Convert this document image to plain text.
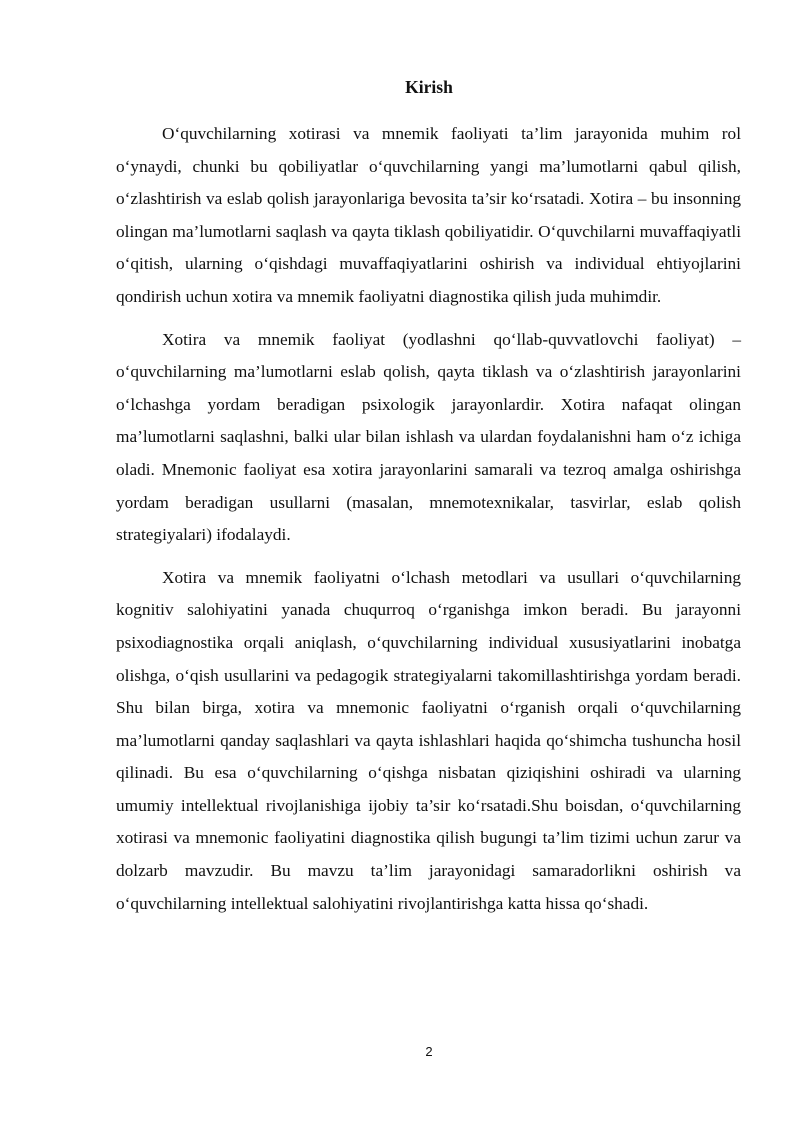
Kirish

O‘quvchilarning xotirasi va mnemik faoliyati ta’lim jarayonida muhim rol o‘ynaydi, chunki bu qobiliyatlar o‘quvchilarning yangi ma’lumotlarni qabul qilish, o‘zlashtirish va eslab qolish jarayonlariga bevosita ta’sir ko‘rsatadi. Xotira – bu insonning olingan ma’lumotlarni saqlash va qayta tiklash qobiliyatidir. O‘quvchilarni muvaffaqiyatli o‘qitish, ularning o‘qishdagi muvaffaqiyatlarini oshirish va individual ehtiyojlarini qondirish uchun xotira va mnemik faoliyatni diagnostika qilish juda muhimdir.

Xotira va mnemik faoliyat (yodlashni qo‘llab-quvvatlovchi faoliyat) – o‘quvchilarning ma’lumotlarni eslab qolish, qayta tiklash va o‘zlashtirish jarayonlarini o‘lchashga yordam beradigan psixologik jarayonlardir. Xotira nafaqat olingan ma’lumotlarni saqlashni, balki ular bilan ishlash va ulardan foydalanishni ham o‘z ichiga oladi. Mnemonic faoliyat esa xotira jarayonlarini samarali va tezroq amalga oshirishga yordam beradigan usullarni (masalan, mnemotexnikalar, tasvirlar, eslab qolish strategiyalari) ifodalaydi.

Xotira va mnemik faoliyatni o‘lchash metodlari va usullari o‘quvchilarning kognitiv salohiyatini yanada chuqurroq o‘rganishga imkon beradi. Bu jarayonni psixodiagnostika orqali aniqlash, o‘quvchilarning individual xususiyatlarini inobatga olishga, o‘qish usullarini va pedagogik strategiyalarni takomillashtirishga yordam beradi. Shu bilan birga, xotira va mnemonic faoliyatni o‘rganish orqali o‘quvchilarning ma’lumotlarni qanday saqlashlari va qayta ishlashlari haqida qo‘shimcha tushuncha hosil qilinadi. Bu esa o‘quvchilarning o‘qishga nisbatan qiziqishini oshiradi va ularning umumiy intellektual rivojlanishiga ijobiy ta’sir ko‘rsatadi.Shu boisdan, o‘quvchilarning xotirasi va mnemonic faoliyatini diagnostika qilish bugungi ta’lim tizimi uchun zarur va dolzarb mavzudir. Bu mavzu ta’lim jarayonidagi samaradorlikni oshirish va o‘quvchilarning intellektual salohiyatini rivojlantirishga katta hissa qo‘shadi.

2
